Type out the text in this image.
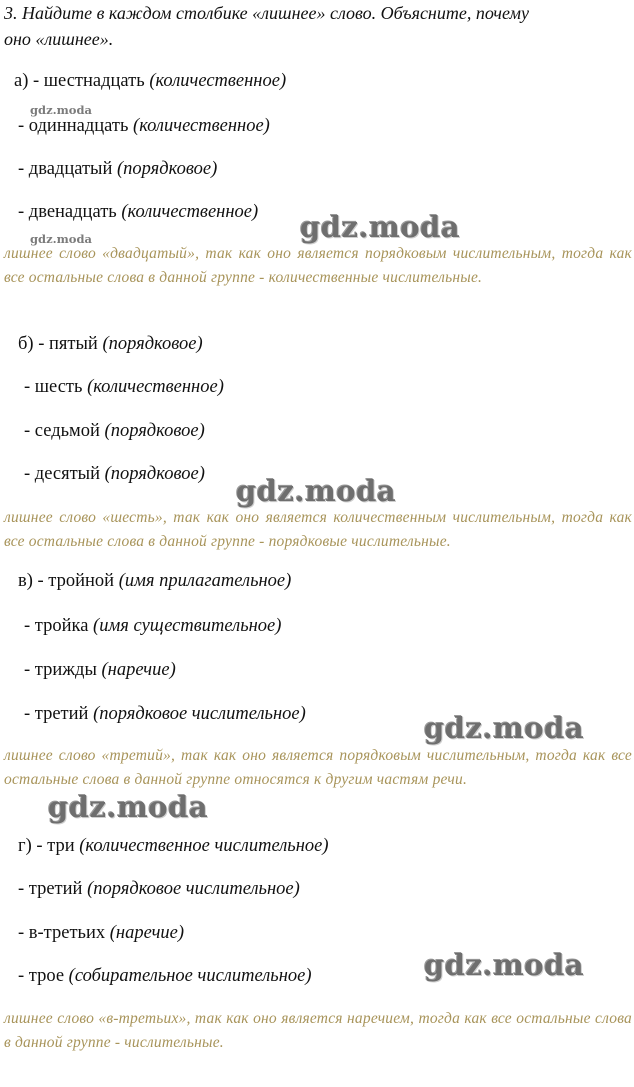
3. Найдите в каждом столбике «лишнее» слово. Объясните, почему
оно «лишнее».
а) - шестнадцать (количественное)
gdz.moda
- одиннадцать (количественное)
- двадцатый (порядковое)
- двенадцать (количественное) gdz.moda
gdz.moda
лишнее слово «двадцатый», так как оно является порядковым числительным, тогда как все остальные слова в данной группе - количественные числительные.
б) - пятый (порядковое)
- шесть (количественное)
- седьмой (порядковое)
- десятый (порядковое) gdz.moda
лишнее слово «шесть», так как оно является количественным числительным, тогда как все остальные слова в данной группе - порядковые числительные.
в) - тройной (имя прилагательное)
- тройка (имя существительное)
- трижды (наречие)
- третий (порядковое числительное)	gdz.moda
лишнее слово «третий», так как оно является порядковым числительным, тогда как все остальные слова в данной группе относятся к другим частям речи.
gdz.moda
г) - три (количественное числительное)
- третий (порядковое числительное)
- в-третьих (наречие)
- трое (собирательное числительное)	gdz.moda
лишнее слово «в-третьих», так как оно является наречием, тогда как все остальные слова в данной группе - числительные.
